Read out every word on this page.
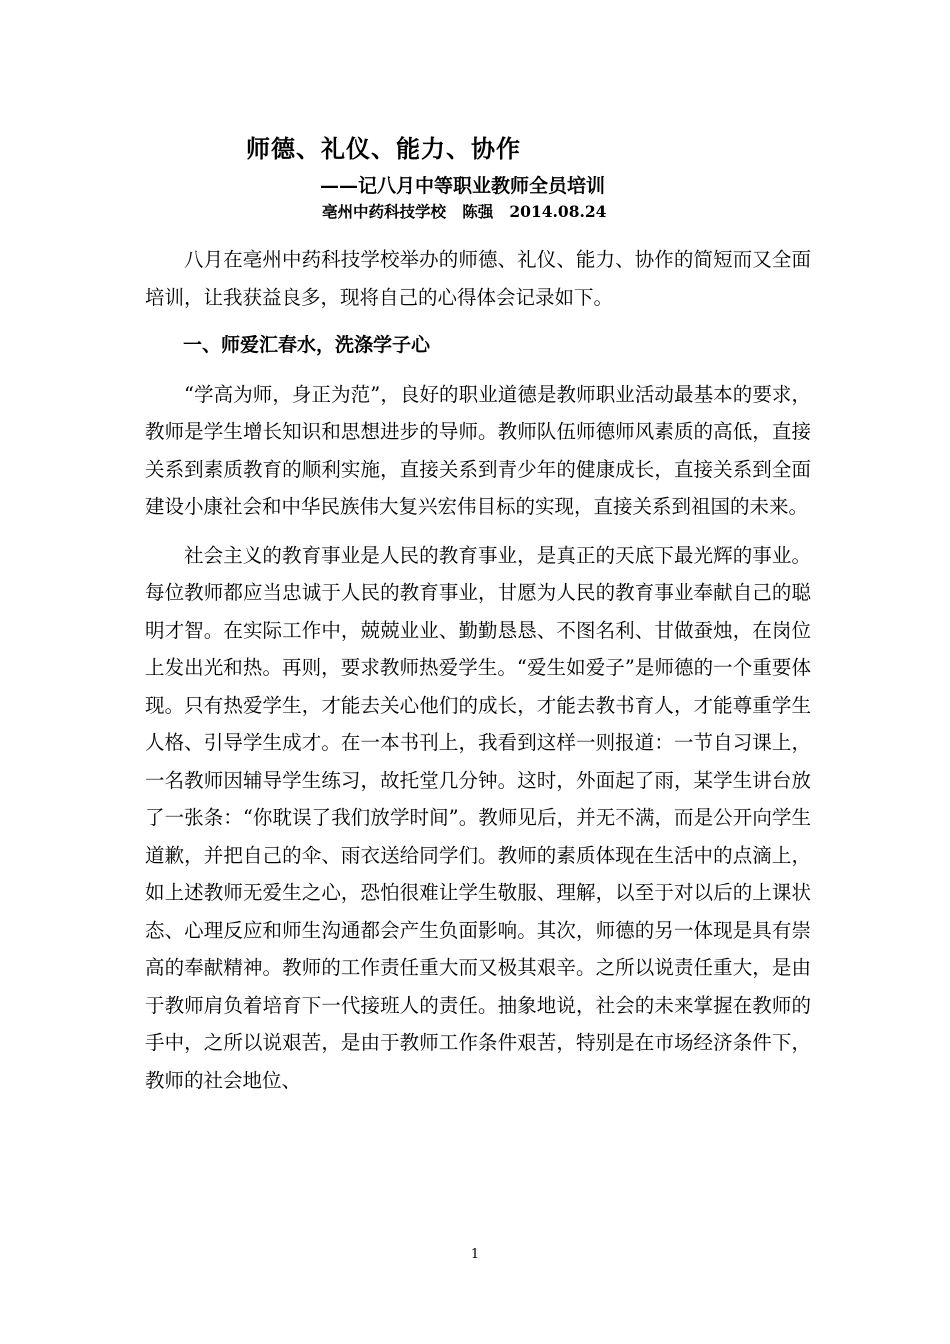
师德、礼仪、能力、协作
——记八月中等职业教师全员培训
亳州中药科技学校   陈强   2014.08.24

八月在亳州中药科技学校举办的师德、礼仪、能力、协作的简短而又全面培训，让我获益良多，现将自己的心得体会记录如下。

一、师爱汇春水，洗涤学子心

“学高为师，身正为范”，良好的职业道德是教师职业活动最基本的要求，教师是学生增长知识和思想进步的导师。教师队伍师德师风素质的高低，直接关系到素质教育的顺利实施，直接关系到青少年的健康成长，直接关系到全面建设小康社会和中华民族伟大复兴宏伟目标的实现，直接关系到祖国的未来。

社会主义的教育事业是人民的教育事业，是真正的天底下最光辉的事业。每位教师都应当忠诚于人民的教育事业，甘愿为人民的教育事业奉献自己的聪明才智。在实际工作中，兢兢业业、勤勤恳恳、不图名利、甘做蚕烛，在岗位上发出光和热。再则，要求教师热爱学生。“爱生如爱子”是师德的一个重要体现。只有热爱学生，才能去关心他们的成长，才能去教书育人，才能尊重学生人格、引导学生成才。在一本书刊上，我看到这样一则报道：一节自习课上，一名教师因辅导学生练习，故托堂几分钟。这时，外面起了雨，某学生讲台放了一张条：“你耽误了我们放学时间”。教师见后，并无不满，而是公开向学生道歉，并把自己的伞、雨衣送给同学们。教师的素质体现在生活中的点滴上，如上述教师无爱生之心，恐怕很难让学生敬服、理解，以至于对以后的上课状态、心理反应和师生沟通都会产生负面影响。其次，师德的另一体现是具有崇高的奉献精神。教师的工作责任重大而又极其艰辛。之所以说责任重大，是由于教师肩负着培育下一代接班人的责任。抽象地说，社会的未来掌握在教师的手中，之所以说艰苦，是由于教师工作条件艰苦，特别是在市场经济条件下，教师的社会地位、

1
